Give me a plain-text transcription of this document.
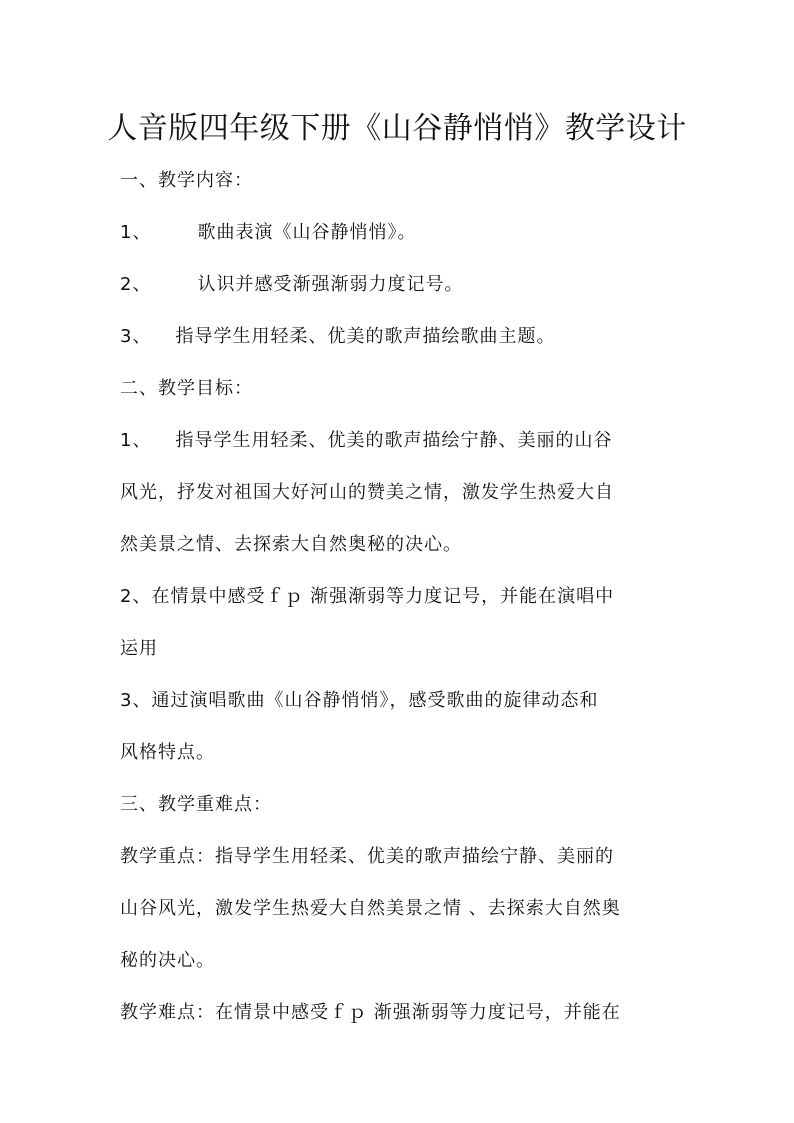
人音版四年级下册《山谷静悄悄》教学设计
一、教学内容：
1、	歌曲表演《山谷静悄悄》。
2、	认识并感受渐强渐弱力度记号。
3、 指导学生用轻柔、优美的歌声描绘歌曲主题。
二、教学目标：
1、 指导学生用轻柔、优美的歌声描绘宁静、美丽的山谷
风光，抒发对祖国大好河山的赞美之情，激发学生热爱大自
然美景之情、去探索大自然奥秘的决心。
2、在情景中感受ｆｐ 渐强渐弱等力度记号，并能在演唱中
运用
3、通过演唱歌曲《山谷静悄悄》，感受歌曲的旋律动态和
风格特点。
三、教学重难点：
教学重点：指导学生用轻柔、优美的歌声描绘宁静、美丽的
山谷风光，激发学生热爱大自然美景之情 、去探索大自然奥
秘的决心。
教学难点：在情景中感受ｆｐ 渐强渐弱等力度记号，并能在
